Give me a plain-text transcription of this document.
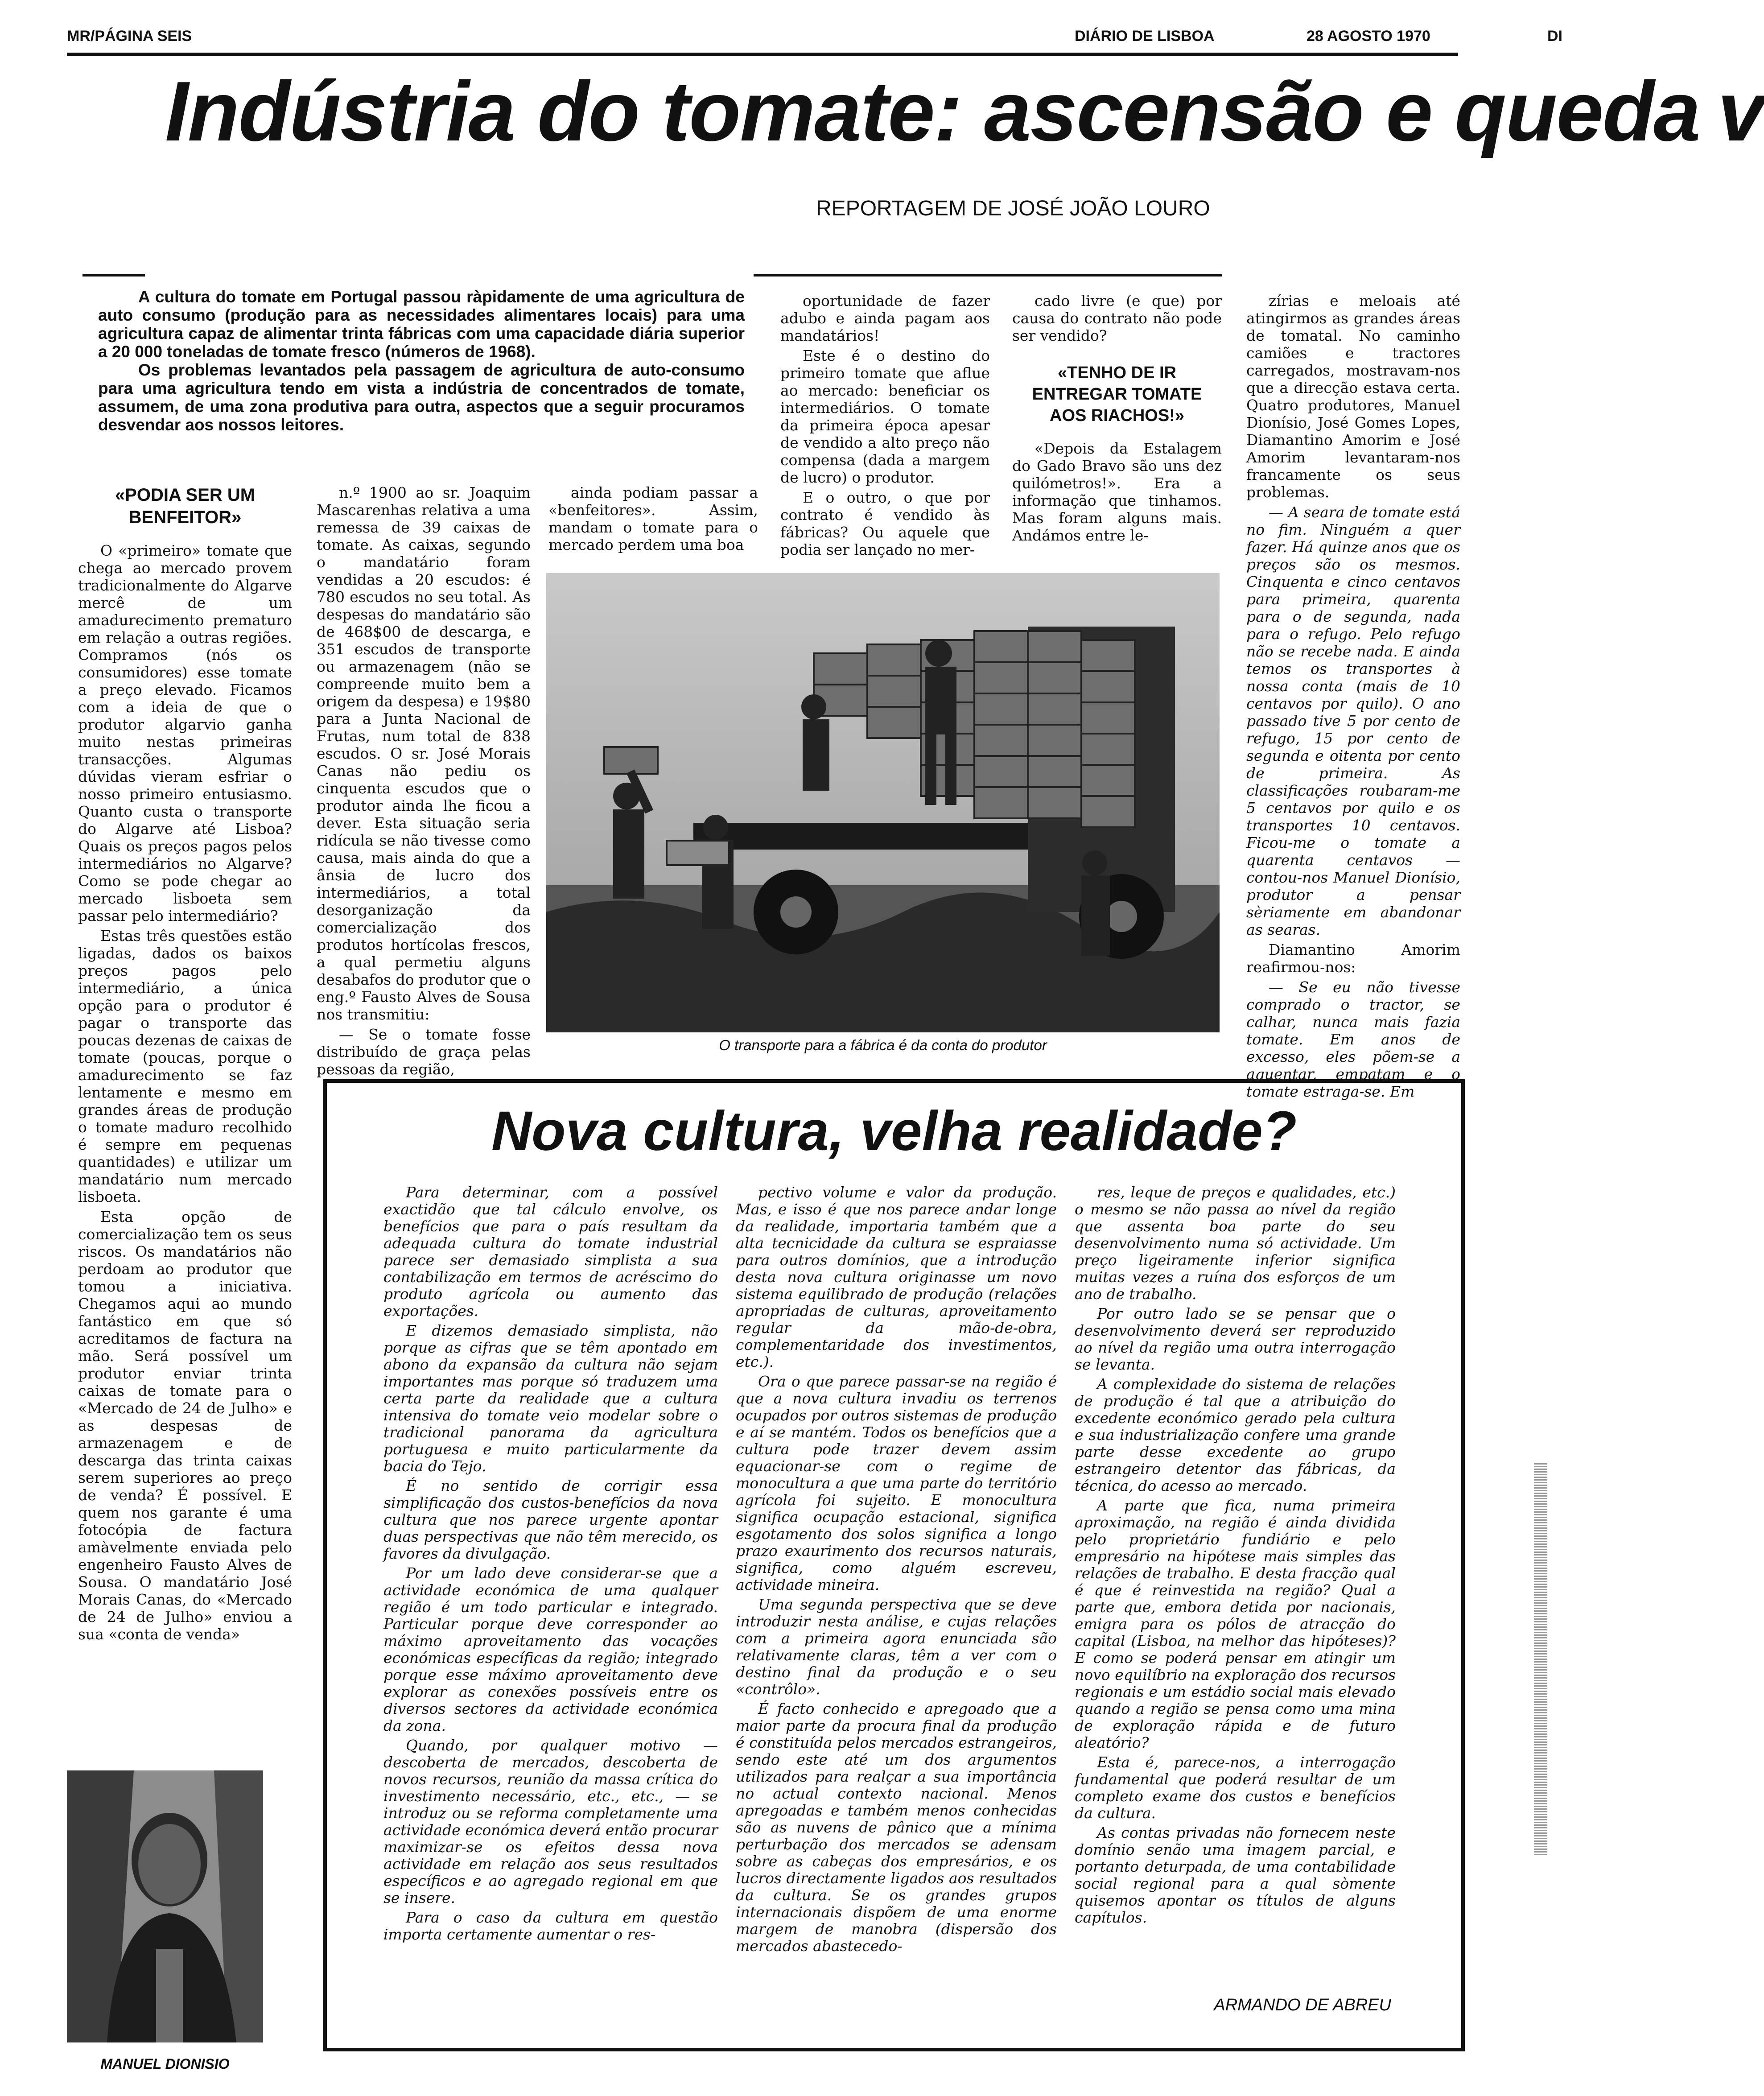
MR/PÁGINA SEIS	DIÁRIO DE LISBOA	28 AGOSTO 1970	DI
Indústria do tomate: ascensão e queda v
REPORTAGEM DE JOSÉ JOÃO LOURO

A cultura do tomate em Portugal passou ràpidamente de uma agricultura de auto consumo (produção para as necessidades alimentares locais) para uma agricultura capaz de alimentar trinta fábricas com uma capacidade diária superior a 20 000 toneladas de tomate fresco (números de 1968).

Os problemas levantados pela passagem de agricultura de auto-consumo para uma agricultura tendo em vista a indústria de concentrados de tomate, assumem, de uma zona produtiva para outra, aspectos que a seguir procuramos desvendar aos nossos leitores.

«PODIA SER UM BENFEITOR»

O «primeiro» tomate que chega ao mercado provem tradicionalmente do Algarve mercê de um amadurecimento prematuro em relação a outras regiões. Compramos (nós os consumidores) esse tomate a preço elevado. Ficamos com a ideia de que o produtor algarvio ganha muito nestas primeiras transacções. Algumas dúvidas vieram esfriar o nosso primeiro entusiasmo. Quanto custa o transporte do Algarve até Lisboa? Quais os preços pagos pelos intermediários no Algarve? Como se pode chegar ao mercado lisboeta sem passar pelo intermediário?

Estas três questões estão ligadas, dados os baixos preços pagos pelo intermediário, a única opção para o produtor é pagar o transporte das poucas dezenas de caixas de tomate (poucas, porque o amadurecimento se faz lentamente e mesmo em grandes áreas de produção o tomate maduro recolhido é sempre em pequenas quantidades) e utilizar um mandatário num mercado lisboeta.

Esta opção de comercialização tem os seus riscos. Os mandatários não perdoam ao produtor que tomou a iniciativa. Chegamos aqui ao mundo fantástico em que só acreditamos de factura na mão. Será possível um produtor enviar trinta caixas de tomate para o «Mercado de 24 de Julho» e as despesas de armazenagem e de descarga das trinta caixas serem superiores ao preço de venda? É possível. E quem nos garante é uma fotocópia de factura amàvelmente enviada pelo engenheiro Fausto Alves de Sousa. O mandatário José Morais Canas, do «Mercado de 24 de Julho» enviou a sua «conta de venda»

n.º 1900 ao sr. Joaquim Mascarenhas relativa a uma remessa de 39 caixas de tomate. As caixas, segundo o mandatário foram vendidas a 20 escudos: é 780 escudos no seu total. As despesas do mandatário são de 468$00 de descarga, e 351 escudos de transporte ou armazenagem (não se compreende muito bem a origem da despesa) e 19$80 para a Junta Nacional de Frutas, num total de 838 escudos. O sr. José Morais Canas não pediu os cinquenta escudos que o produtor ainda lhe ficou a dever. Esta situação seria ridícula se não tivesse como causa, mais ainda do que a ânsia de lucro dos intermediários, a total desorganização da comercialização dos produtos hortícolas frescos, a qual permetiu alguns desabafos do produtor que o eng.º Fausto Alves de Sousa nos transmitiu:

— Se o tomate fosse distribuído de graça pelas pessoas da região,

ainda podiam passar a «benfeitores». Assim, mandam o tomate para o mercado perdem uma boa

oportunidade de fazer adubo e ainda pagam aos mandatários!

Este é o destino do primeiro tomate que aflue ao mercado: beneficiar os intermediários. O tomate da primeira época apesar de vendido a alto preço não compensa (dada a margem de lucro) o produtor.

E o outro, o que por contrato é vendido às fábricas? Ou aquele que podia ser lançado no mer-

cado livre (e que) por causa do contrato não pode ser vendido?

«TENHO DE IR ENTREGAR TOMATE AOS RIACHOS!»

«Depois da Estalagem do Gado Bravo são uns dez quilómetros!». Era a informação que tinhamos. Mas foram alguns mais. Andámos entre le-

zírias e meloais até atingirmos as grandes áreas de tomatal. No caminho camiões e tractores carregados, mostravam-nos que a direcção estava certa. Quatro produtores, Manuel Dionísio, José Gomes Lopes, Diamantino Amorim e José Amorim levantaram-nos francamente os seus problemas.

— A seara de tomate está no fim. Ninguém a quer fazer. Há quinze anos que os preços são os mesmos. Cinquenta e cinco centavos para primeira, quarenta para o de segunda, nada para o refugo. Pelo refugo não se recebe nada. E ainda temos os transportes à nossa conta (mais de 10 centavos por quilo). O ano passado tive 5 por cento de refugo, 15 por cento de segunda e oitenta por cento de primeira. As classificações roubaram-me 5 centavos por quilo e os transportes 10 centavos. Ficou-me o tomate a quarenta centavos — contou-nos Manuel Dionísio, produtor a pensar sèriamente em abandonar as searas.

Diamantino Amorim reafirmou-nos:

— Se eu não tivesse comprado o tractor, se calhar, nunca mais fazia tomate. Em anos de excesso, eles põem-se a aguentar, empatam e o tomate estraga-se. Em

O transporte para a fábrica é da conta do produtor
MANUEL DIONISIO
Nova cultura, velha realidade?

Para determinar, com a possível exactidão que tal cálculo envolve, os benefícios que para o país resultam da adequada cultura do tomate industrial parece ser demasiado simplista a sua contabilização em termos de acréscimo do produto agrícola ou aumento das exportações.

E dizemos demasiado simplista, não porque as cifras que se têm apontado em abono da expansão da cultura não sejam importantes mas porque só traduzem uma certa parte da realidade que a cultura intensiva do tomate veio modelar sobre o tradicional panorama da agricultura portuguesa e muito particularmente da bacia do Tejo.

É no sentido de corrigir essa simplificação dos custos-benefícios da nova cultura que nos parece urgente apontar duas perspectivas que não têm merecido, os favores da divulgação.

Por um lado deve considerar-se que a actividade económica de uma qualquer região é um todo particular e integrado. Particular porque deve corresponder ao máximo aproveitamento das vocações económicas específicas da região; integrado porque esse máximo aproveitamento deve explorar as conexões possíveis entre os diversos sectores da actividade económica da zona.

Quando, por qualquer motivo — descoberta de mercados, descoberta de novos recursos, reunião da massa crítica do investimento necessário, etc., etc., — se introduz ou se reforma completamente uma actividade económica deverá então procurar maximizar-se os efeitos dessa nova actividade em relação aos seus resultados específicos e ao agregado regional em que se insere.

Para o caso da cultura em questão importa certamente aumentar o res-

pectivo volume e valor da produção. Mas, e isso é que nos parece andar longe da realidade, importaria também que a alta tecnicidade da cultura se espraiasse para outros domínios, que a introdução desta nova cultura originasse um novo sistema equilibrado de produção (relações apropriadas de culturas, aproveitamento regular da mão-de-obra, complementaridade dos investimentos, etc.).

Ora o que parece passar-se na região é que a nova cultura invadiu os terrenos ocupados por outros sistemas de produção e aí se mantém. Todos os benefícios que a cultura pode trazer devem assim equacionar-se com o regime de monocultura a que uma parte do território agrícola foi sujeito. E monocultura significa ocupação estacional, significa esgotamento dos solos significa a longo prazo exaurimento dos recursos naturais, significa, como alguém escreveu, actividade mineira.

Uma segunda perspectiva que se deve introduzir nesta análise, e cujas relações com a primeira agora enunciada são relativamente claras, têm a ver com o destino final da produção e o seu «contrôlo».

É facto conhecido e apregoado que a maior parte da procura final da produção é constituída pelos mercados estrangeiros, sendo este até um dos argumentos utilizados para realçar a sua importância no actual contexto nacional. Menos apregoadas e também menos conhecidas são as nuvens de pânico que a mínima perturbação dos mercados se adensam sobre as cabeças dos empresários, e os lucros directamente ligados aos resultados da cultura. Se os grandes grupos internacionais dispõem de uma enorme margem de manobra (dispersão dos mercados abastecedo-

res, leque de preços e qualidades, etc.) o mesmo se não passa ao nível da região que assenta boa parte do seu desenvolvimento numa só actividade. Um preço ligeiramente inferior significa muitas vezes a ruína dos esforços de um ano de trabalho.

Por outro lado se se pensar que o desenvolvimento deverá ser reproduzido ao nível da região uma outra interrogação se levanta.

A complexidade do sistema de relações de produção é tal que a atribuição do excedente económico gerado pela cultura e sua industrialização confere uma grande parte desse excedente ao grupo estrangeiro detentor das fábricas, da técnica, do acesso ao mercado.

A parte que fica, numa primeira aproximação, na região é ainda dividida pelo proprietário fundiário e pelo empresário na hipótese mais simples das relações de trabalho. E desta fracção qual é que é reinvestida na região? Qual a parte que, embora detida por nacionais, emigra para os pólos de atracção do capital (Lisboa, na melhor das hipóteses)? E como se poderá pensar em atingir um novo equilíbrio na exploração dos recursos regionais e um estádio social mais elevado quando a região se pensa como uma mina de exploração rápida e de futuro aleatório?

Esta é, parece-nos, a interrogação fundamental que poderá resultar de um completo exame dos custos e benefícios da cultura.

As contas privadas não fornecem neste domínio senão uma imagem parcial, e portanto deturpada, de uma contabilidade social regional para a qual sòmente quisemos apontar os títulos de alguns capítulos.

ARMANDO DE ABREU
